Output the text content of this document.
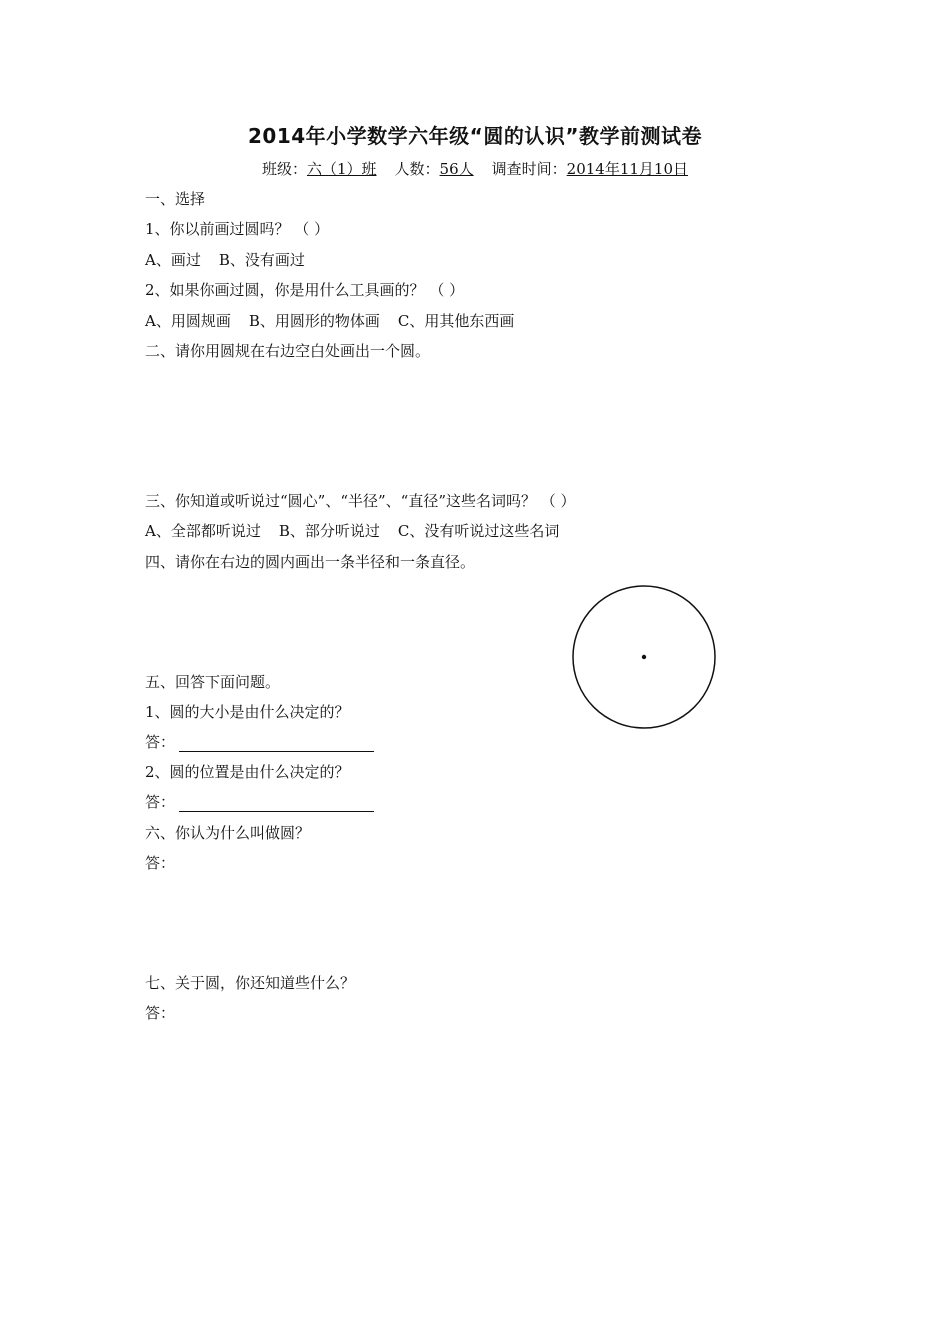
2014年小学数学六年级“圆的认识”教学前测试卷
班级：六（1）班 人数：56人 调查时间：2014年11月10日
一、选择
1、你以前画过圆吗？ （ ）
A、画过 B、没有画过
2、如果你画过圆，你是用什么工具画的？ （ ）
A、用圆规画 B、用圆形的物体画 C、用其他东西画
二、请你用圆规在右边空白处画出一个圆。
三、你知道或听说过“圆心”、“半径”、“直径”这些名词吗？ （ ）
A、全部都听说过 B、部分听说过 C、没有听说过这些名词
四、请你在右边的圆内画出一条半径和一条直径。
五、回答下面问题。
1、圆的大小是由什么决定的？
答：
2、圆的位置是由什么决定的？
答：
六、你认为什么叫做圆？
答：
七、关于圆，你还知道些什么？
答：
